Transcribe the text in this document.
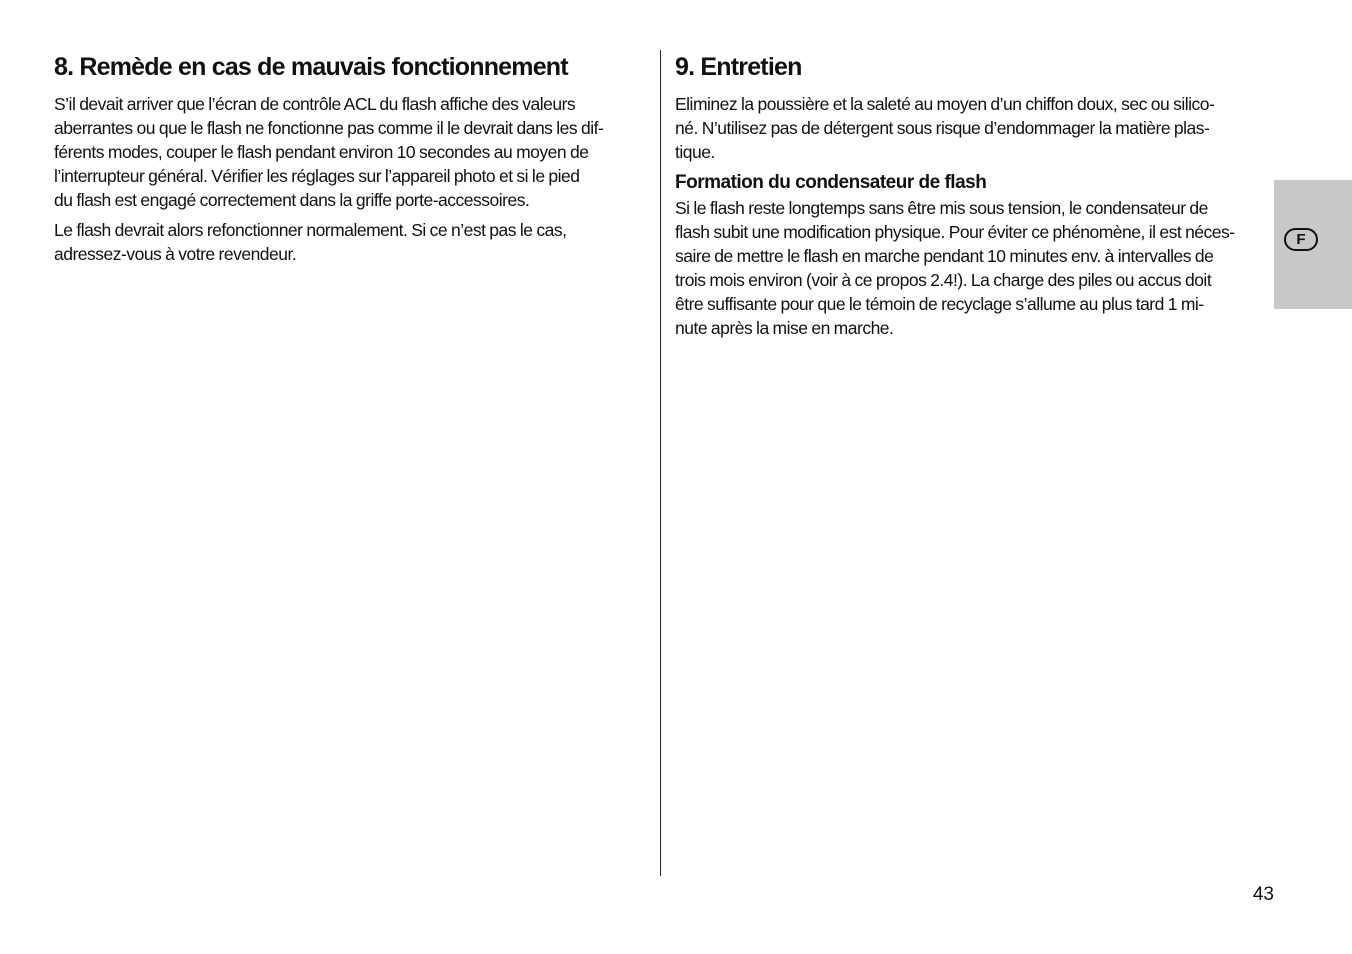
8. Remède en cas de mauvais fonctionnement

S’il devait arriver que l’écran de contrôle ACL du flash affiche des valeurs
aberrantes ou que le flash ne fonctionne pas comme il le devrait dans les dif-
férents modes, couper le flash pendant environ 10 secondes au moyen de
l’interrupteur général. Vérifier les réglages sur l’appareil photo et si le pied
du flash est engagé correctement dans la griffe porte-accessoires.

Le flash devrait alors refonctionner normalement. Si ce n’est pas le cas,
adressez-vous à votre revendeur.

9. Entretien

Eliminez la poussière et la saleté au moyen d’un chiffon doux, sec ou silico-
né. N’utilisez pas de détergent sous risque d’endommager la matière plas-
tique.

Formation du condensateur de flash

Si le flash reste longtemps sans être mis sous tension, le condensateur de
flash subit une modification physique. Pour éviter ce phénomène, il est néces-
saire de mettre le flash en marche pendant 10 minutes env. à intervalles de
trois mois environ (voir à ce propos 2.4!). La charge des piles ou accus doit
être suffisante pour que le témoin de recyclage s’allume au plus tard 1 mi-
nute après la mise en marche.

F
43
